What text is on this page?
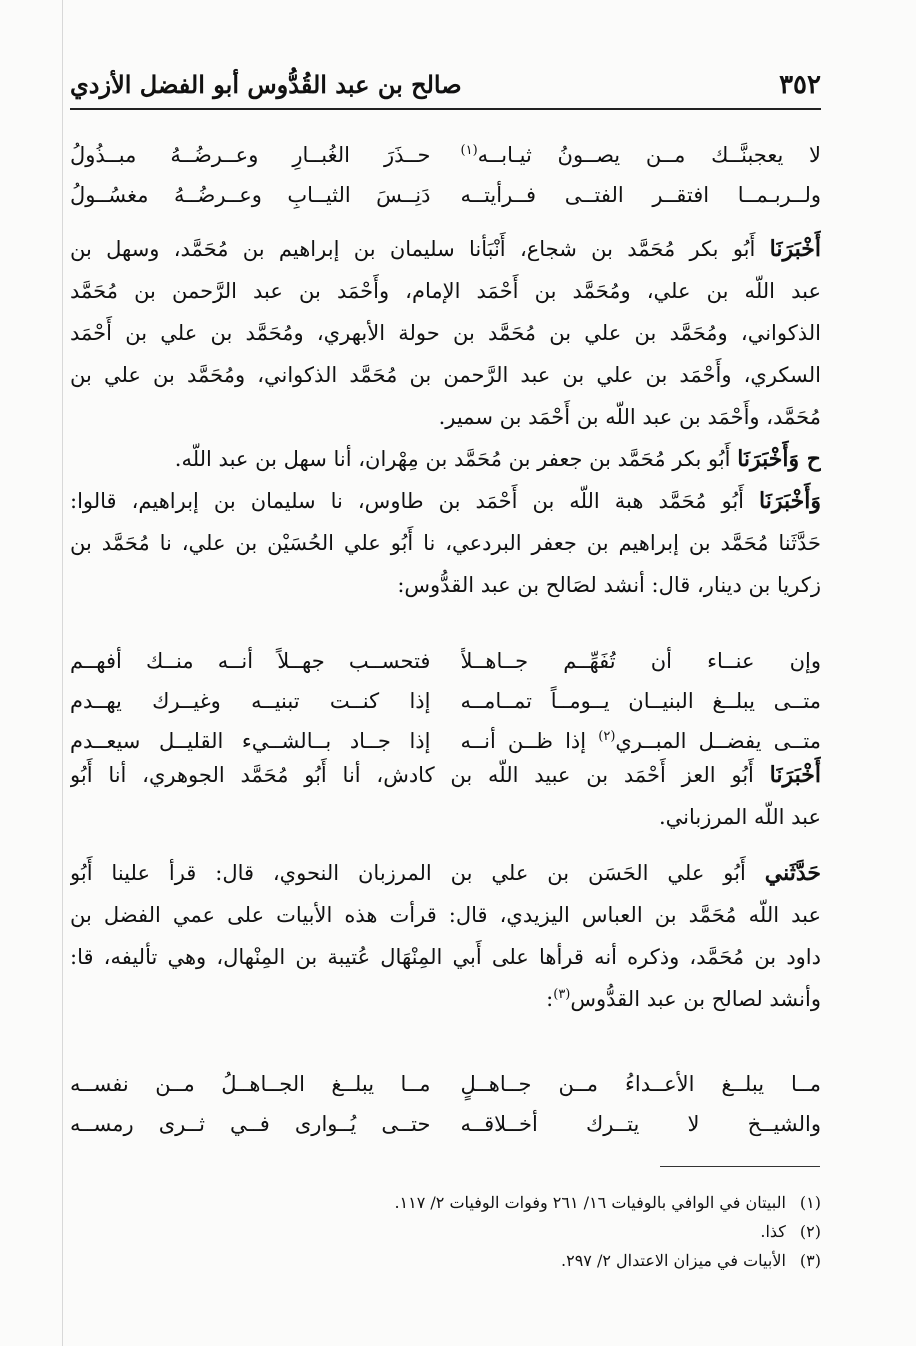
٣٥٢
صالح بن عبد القُدُّوس أبو الفضل الأزدي
لا يعجبنَّــك مــن يصــونُ ثيـابــه$^{(١)}$
حــذَرَ الغُبــارِ وعــرضُــهُ مبــذُولُ
ولــربـمــا افتقــر الفتــى فــرأيتــه
دَنِــسَ الثيــابِ وعــرضُــهُ مغسُــولُ
أَخْبَرَنَا أَبُو بكر مُحَمَّد بن شجاع، أَنْبَأنا سليمان بن إبراهيم بن مُحَمَّد، وسهل بن
عبد اللّه بن علي، ومُحَمَّد بن أَحْمَد الإمام، وأَحْمَد بن عبد الرَّحمن بن مُحَمَّد
الذكواني، ومُحَمَّد بن علي بن مُحَمَّد بن حولة الأبهري، ومُحَمَّد بن علي بن أَحْمَد
السكري، وأَحْمَد بن علي بن عبد الرَّحمن بن مُحَمَّد الذكواني، ومُحَمَّد بن علي بن
مُحَمَّد، وأَحْمَد بن عبد اللّه بن أَحْمَد بن سمير.
ح وَأَخْبَرَنَا أَبُو بكر مُحَمَّد بن جعفر بن مُحَمَّد بن مِهْران، أنا سهل بن عبد اللّه.
وَأَخْبَرَنَا أَبُو مُحَمَّد هبة اللّه بن أَحْمَد بن طاوس، نا سليمان بن إبراهيم، قالوا:
حَدَّثَنا مُحَمَّد بن إبراهيم بن جعفر البردعي، نا أَبُو علي الحُسَيْن بن علي، نا مُحَمَّد بن
زكريا بن دينار، قال: أنشد لصَالح بن عبد القدُّوس:
وإن عنــاء أن تُفَهِّــم جــاهــلاً
فتحســب جهــلاً أنــه منــك أفهــم
متــى يبلــغ البنيــان يــومــاً تمــامــه
إذا كنــت تبنيــه وغيــرك يهــدم
متــى يفضــل المبــري$^{(٢)}$ إذا ظــن أنــه
إذا جــاد بــالشــيء القليــل سيعــدم
أَخْبَرَنَا أَبُو العز أَحْمَد بن عبيد اللّه بن كادش، أنا أَبُو مُحَمَّد الجوهري، أنا أَبُو
عبد اللّه المرزباني.
حَدَّثَني أَبُو علي الحَسَن بن علي بن المرزبان النحوي، قال: قرأ علينا أَبُو
عبد اللّه مُحَمَّد بن العباس اليزيدي، قال: قرأت هذه الأبيات على عمي الفضل بن
داود بن مُحَمَّد، وذكره أنه قرأها على أَبي المِنْهَال عُتيبة بن المِنْهال، وهي تأليفه، قا:
وأنشد لصالح بن عبد القدُّوس$^{(٣)}$:
مــا يبلــغ الأعــداءُ مــن جــاهــلٍ
مــا يبلــغ الجــاهــلُ مــن نفســه
والشيــخ لا يتــرك أخــلاقــه
حتــى يُــوارى فــي ثــرى رمســه
(١)البيتان في الوافي بالوفيات ١٦/ ٢٦١ وفوات الوفيات ٢/ ١١٧.
(٢)كذا.
(٣)الأبيات في ميزان الاعتدال ٢/ ٢٩٧.
